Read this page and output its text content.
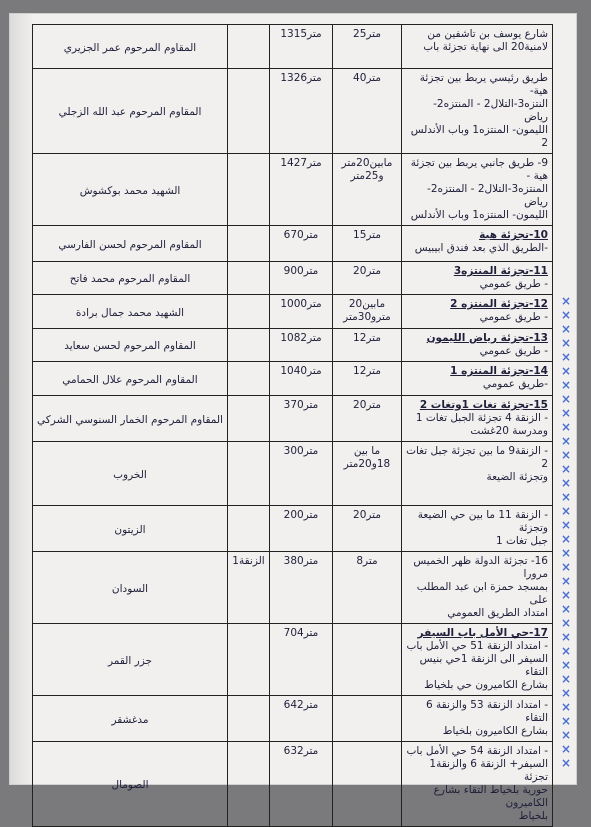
المقاوم المرحوم عمر الجزيري		1315متر	25متر	شارع يوسف بن تاشفين من
لامنية20 الى نهاية تجزئة باب

المقاوم المرحوم عبد الله الزجلي		1326متر	40متر	طريق رئيسي يربط بين تجزئة هية-
النتزه3-التلال2 - المنتزه2- رياض
الليمون- المنتزه1 وباب الأندلس 2

الشهيد محمد بوكشوش		1427متر	مابين20متر و25متر	9- طريق جانبي يربط بين تجزئة هية -
المنتزه3-التلال2 - المنتزه2- رياض
الليمون- المنتزه1 وباب الأندلس

المقاوم المرحوم لحسن الفارسي		670متر	15متر	10-تجزئة هية
-الطريق الذي بعد فندق ابيبيس

المقاوم المرحوم محمد فاتح		900متر	20متر	11-تجزئة المنتزه3
- طريق عمومي

الشهيد محمد جمال برادة		1000متر	مابين20 مترو30متر	12-تجزئة المنتزه 2
- طريق عمومي

المقاوم المرحوم لحسن سعايد		1082متر	12متر	13-تجزئة رياض الليمون
- طريق عمومي

المقاوم المرحوم علال الحمامي		1040متر	12متر	14-تجزئة المنتزه 1
-طريق عمومي

المقاوم المرحوم الخمار السنوسي الشركي		370متر	20متر	15-تجزئة تغات 1وتغات 2
- الزنقة 4 تجزئة الجبل تغات 1
ومدرسة 20غشت

الخروب		300متر	ما بين 18و20متر	- الزنقة9 ما بين تجزئة جبل تغات 2
وتجزئة الضيعة

الزيتون		200متر	20متر	- الزنقة 11 ما بين حي الضيعة وتجزئة
جبل تغات 1

السودان	الزنقة1	380متر	8متر	16- تجزئة الدولة ظهر الخميس مرورا
بمسجد حمزة ابن عبد المطلب على
امتداد الطريق العمومي

جزر القمر		704متر		17-حي الأمل باب السيفر
- امتداد الزنقة 51 حي الأمل باب
السيفر الى الزنقة 1حي بنيس التقاء
بشارع الكاميرون حي بلخياط

مدغشقر		642متر		- امتداد الزنقة 53 والزنقة 6 التقاء
بشارع الكاميرون بلخياط

الصومال		632متر		- امتداد الزنقة 54 حي الأمل باب
السيفر+ الزنقة 6 والزنقة1 تجزئة
حورية بلخياط التقاء بشارع الكاميرون
بلخياط
×
×
×
×
×
×
×
×
×
×
×
×
×
×
×
×
×
×
×
×
×
×
×
×
×
×
×
×
×
×
×
×
×
×
